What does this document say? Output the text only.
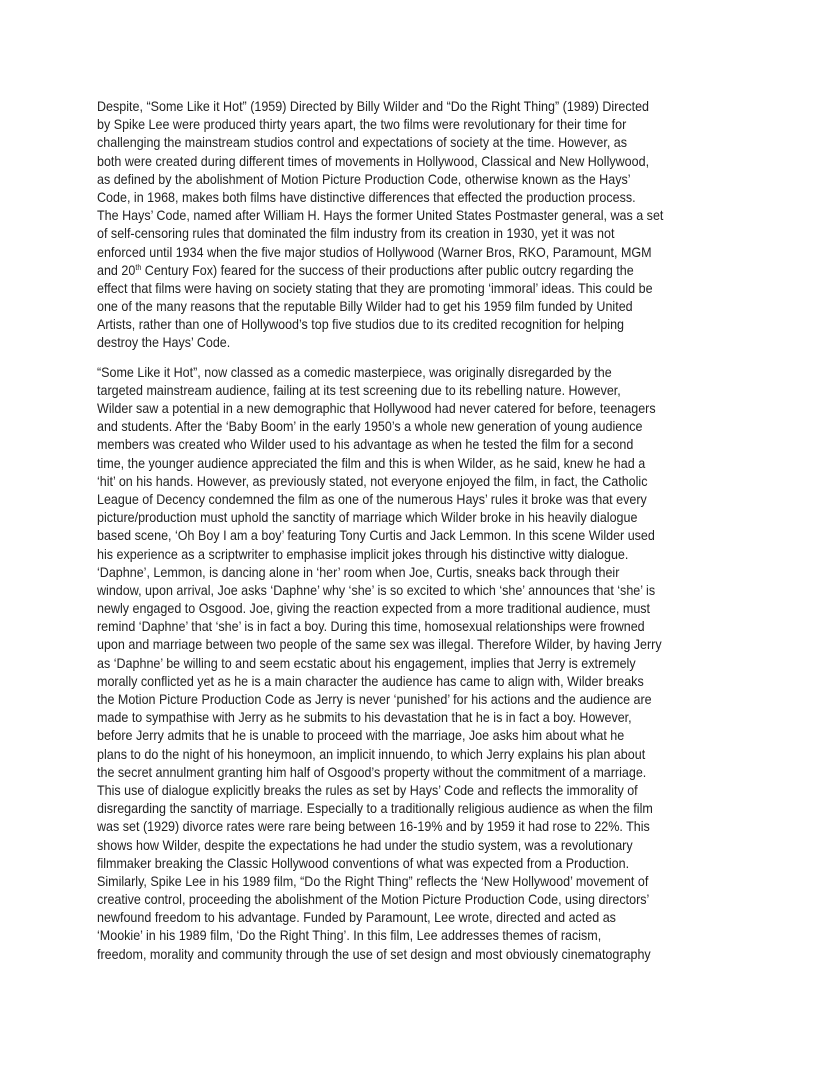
Despite, “Some Like it Hot” (1959) Directed by Billy Wilder and “Do the Right Thing” (1989) Directed
by Spike Lee were produced thirty years apart, the two films were revolutionary for their time for
challenging the mainstream studios control and expectations of society at the time. However, as
both were created during different times of movements in Hollywood, Classical and New Hollywood,
as defined by the abolishment of Motion Picture Production Code, otherwise known as the Hays’
Code, in 1968, makes both films have distinctive differences that effected the production process.
The Hays’ Code, named after William H. Hays the former United States Postmaster general, was a set
of self-censoring rules that dominated the film industry from its creation in 1930, yet it was not
enforced until 1934 when the five major studios of Hollywood (Warner Bros, RKO, Paramount, MGM
and 20th Century Fox) feared for the success of their productions after public outcry regarding the
effect that films were having on society stating that they are promoting ‘immoral’ ideas. This could be
one of the many reasons that the reputable Billy Wilder had to get his 1959 film funded by United
Artists, rather than one of Hollywood’s top five studios due to its credited recognition for helping
destroy the Hays’ Code.
“Some Like it Hot”, now classed as a comedic masterpiece, was originally disregarded by the
targeted mainstream audience, failing at its test screening due to its rebelling nature. However,
Wilder saw a potential in a new demographic that Hollywood had never catered for before, teenagers
and students. After the ‘Baby Boom’ in the early 1950’s a whole new generation of young audience
members was created who Wilder used to his advantage as when he tested the film for a second
time, the younger audience appreciated the film and this is when Wilder, as he said, knew he had a
‘hit’ on his hands. However, as previously stated, not everyone enjoyed the film, in fact, the Catholic
League of Decency condemned the film as one of the numerous Hays’ rules it broke was that every
picture/production must uphold the sanctity of marriage which Wilder broke in his heavily dialogue
based scene, ‘Oh Boy I am a boy’ featuring Tony Curtis and Jack Lemmon. In this scene Wilder used
his experience as a scriptwriter to emphasise implicit jokes through his distinctive witty dialogue.
‘Daphne’, Lemmon, is dancing alone in ‘her’ room when Joe, Curtis, sneaks back through their
window, upon arrival, Joe asks ‘Daphne’ why ‘she’ is so excited to which ‘she’ announces that ‘she’ is
newly engaged to Osgood. Joe, giving the reaction expected from a more traditional audience, must
remind ‘Daphne’ that ‘she’ is in fact a boy. During this time, homosexual relationships were frowned
upon and marriage between two people of the same sex was illegal. Therefore Wilder, by having Jerry
as ‘Daphne’ be willing to and seem ecstatic about his engagement, implies that Jerry is extremely
morally conflicted yet as he is a main character the audience has came to align with, Wilder breaks
the Motion Picture Production Code as Jerry is never ‘punished’ for his actions and the audience are
made to sympathise with Jerry as he submits to his devastation that he is in fact a boy. However,
before Jerry admits that he is unable to proceed with the marriage, Joe asks him about what he
plans to do the night of his honeymoon, an implicit innuendo, to which Jerry explains his plan about
the secret annulment granting him half of Osgood’s property without the commitment of a marriage.
This use of dialogue explicitly breaks the rules as set by Hays’ Code and reflects the immorality of
disregarding the sanctity of marriage. Especially to a traditionally religious audience as when the film
was set (1929) divorce rates were rare being between 16-19% and by 1959 it had rose to 22%. This
shows how Wilder, despite the expectations he had under the studio system, was a revolutionary
filmmaker breaking the Classic Hollywood conventions of what was expected from a Production.
Similarly, Spike Lee in his 1989 film, “Do the Right Thing” reflects the ‘New Hollywood’ movement of
creative control, proceeding the abolishment of the Motion Picture Production Code, using directors’
newfound freedom to his advantage. Funded by Paramount, Lee wrote, directed and acted as
‘Mookie’ in his 1989 film, ‘Do the Right Thing’. In this film, Lee addresses themes of racism,
freedom, morality and community through the use of set design and most obviously cinematography
